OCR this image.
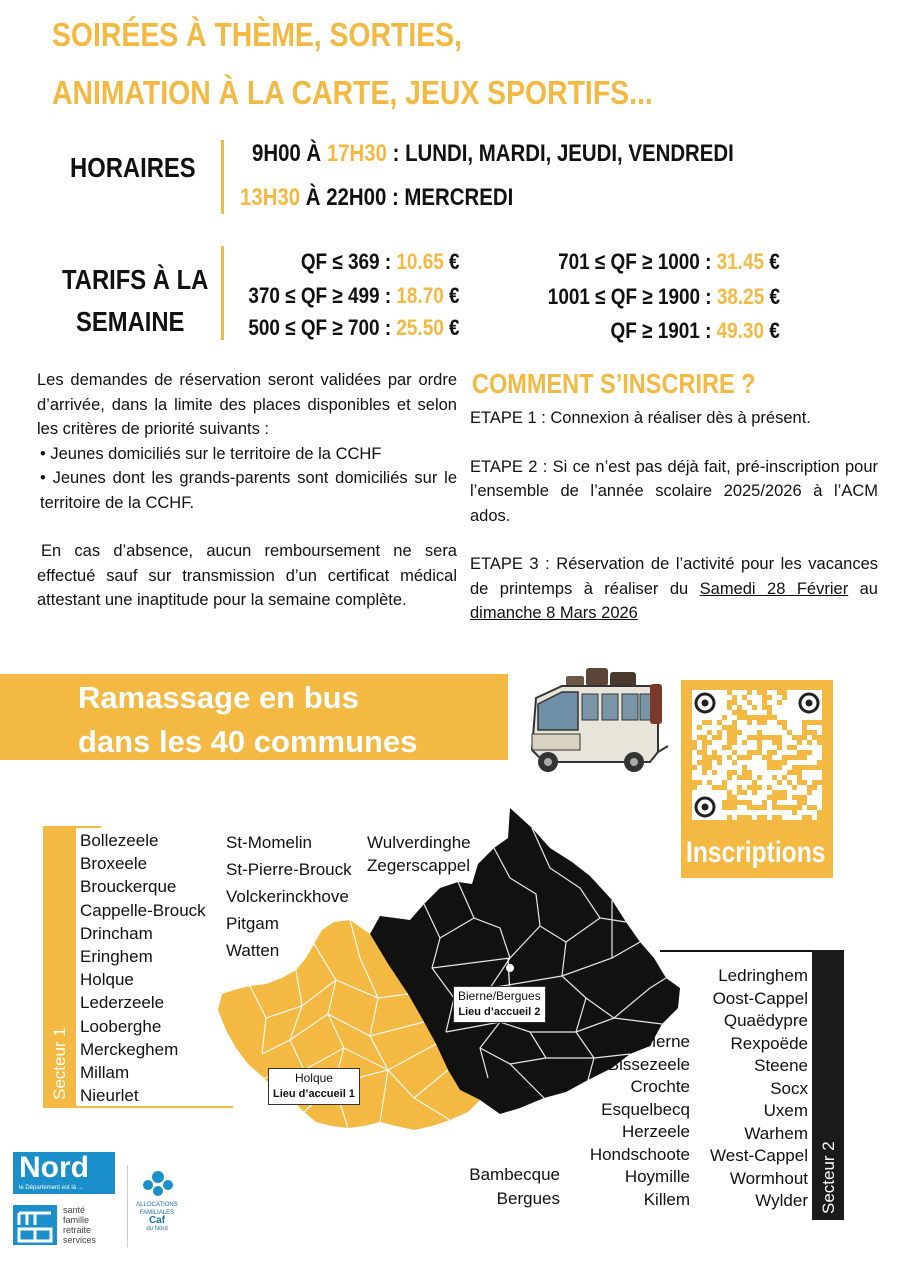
SOIRÉES À THÈME, SORTIES,
ANIMATION À LA CARTE, JEUX SPORTIFS...
HORAIRES 9H00 À 17H30 : LUNDI, MARDI, JEUDI, VENDREDI
13H30 À 22H00 : MERCREDI
TARIFS À LA
SEMAINE
QF ≤ 369 : 10.65 €
370 ≤ QF ≥ 499 : 18.70 €
500 ≤ QF ≥ 700 : 25.50 €
701 ≤ QF ≥ 1000 : 31.45 €
1001 ≤ QF ≥ 1900 : 38.25 €
QF ≥ 1901 : 49.30 €
Les demandes de réservation seront validées par ordre d’arrivée, dans la limite des places disponibles et selon les critères de priorité suivants :
• Jeunes domiciliés sur le territoire de la CCHF
• Jeunes dont les grands-parents sont domiciliés sur le territoire de la CCHF.
En cas d’absence, aucun remboursement ne sera effectué sauf sur transmission d’un certificat médical attestant une inaptitude pour la semaine complète.
COMMENT S’INSCRIRE ?
ETAPE 1 : Connexion à réaliser dès à présent.
ETAPE 2 : Si ce n’est pas déjà fait, pré-inscription pour l’ensemble de l’année scolaire 2025/2026 à l’ACM ados.
ETAPE 3 : Réservation de l’activité pour les vacances de printemps à réaliser du Samedi 28 Février au dimanche 8 Mars 2026
Ramassage en bus
dans les 40 communes
Inscriptions
Secteur 1
Bollezeele
Broxeele
Brouckerque
Cappelle-Brouck
Drincham
Eringhem
Holque
Lederzeele
Looberghe
Merckeghem
Millam
Nieurlet
St-Momelin
St-Pierre-Brouck
Volckerinckhove
Pitgam
Watten
Wulverdinghe
Zegerscappel
Bierne/Bergues
Lieu d’accueil 2
Holque
Lieu d’accueil 1
Secteur 2
Ledringhem
Oost-Cappel
Quaëdypre
Rexpoëde
Steene
Socx
Uxem
Warhem
West-Cappel
Wormhout
Wylder
Bierne
Bissezeele
Crochte
Esquelbecq
Herzeele
Hondschoote
Hoymille
Killem
Bambecque
Bergues
Nord
le Département est là →
santé
famille
retraite
services
ALLOCATIONS
FAMILIALES
Caf
du Nord
